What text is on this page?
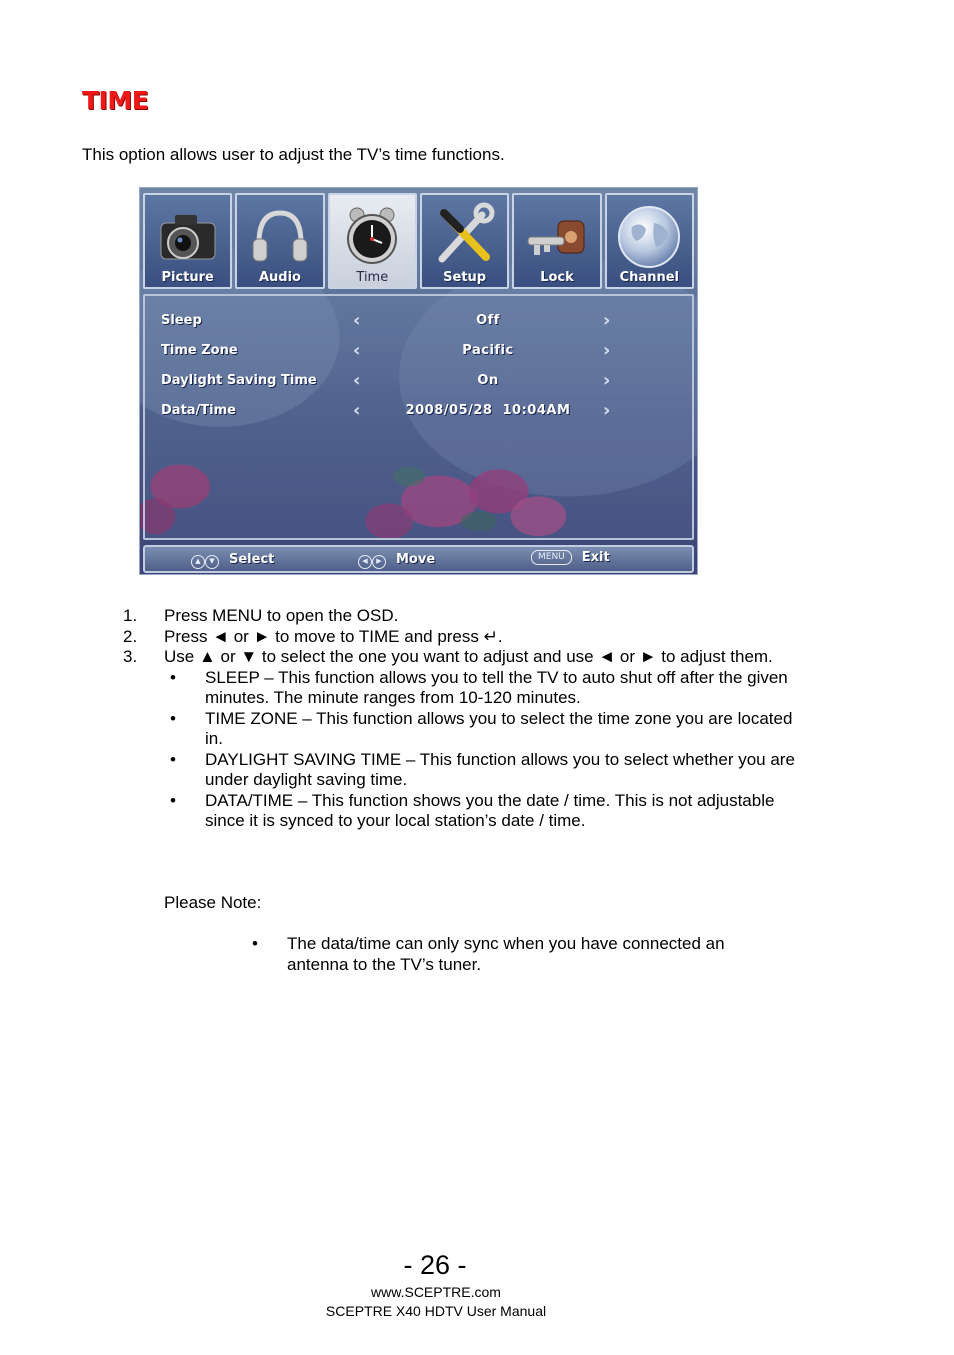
TIME

This option allows user to adjust the TV’s time functions.

Picture	Audio	Time	Setup	Lock	Channel
Sleep	‹	Off	›
Time Zone	‹	Pacific	›
Daylight Saving Time ‹	On	›
Data/Time	‹	2008/05/28  10:04AM	›
▲ ▼	Select	◀ ▶	Move	MENU	Exit
1. Press MENU to open the OSD.
2. Press ◄ or ► to move to TIME and press ↵.
3. Use ▲ or ▼ to select the one you want to adjust and use ◄ or ► to adjust them.
• SLEEP – This function allows you to tell the TV to auto shut off after the given minutes. The minute ranges from 10-120 minutes.
• TIME ZONE – This function allows you to select the time zone you are located in.
• DAYLIGHT SAVING TIME – This function allows you to select whether you are under daylight saving time.
• DATA/TIME – This function shows you the date / time. This is not adjustable since it is synced to your local station’s date / time.
Please Note:
• The data/time can only sync when you have connected an antenna to the TV’s tuner.
- 26 -
www.SCEPTRE.com
SCEPTRE X40 HDTV User Manual
